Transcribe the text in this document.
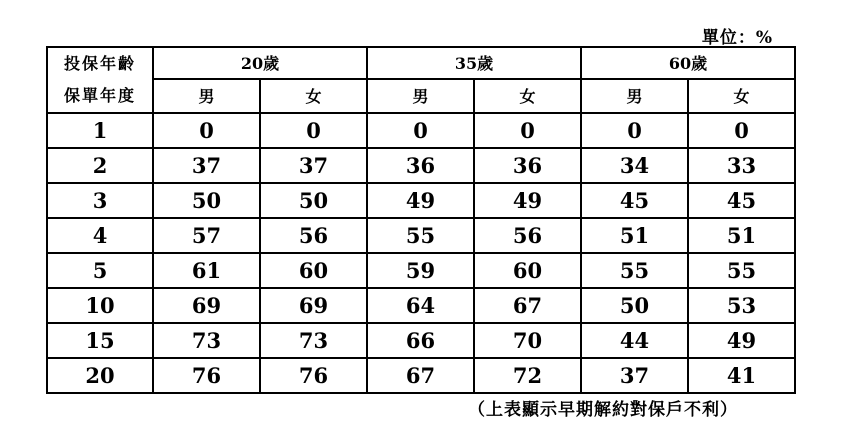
單位：%
投保年齡
保單年度	20歲		35歲		60歲	
	男	女	男	女	男	女
1	0	0	0	0	0	0
2	37	37	36	36	34	33
3	50	50	49	49	45	45
4	57	56	55	56	51	51
5	61	60	59	60	55	55
10	69	69	64	67	50	53
15	73	73	66	70	44	49
20	76	76	67	72	37	41
（上表顯示早期解約對保戶不利）
